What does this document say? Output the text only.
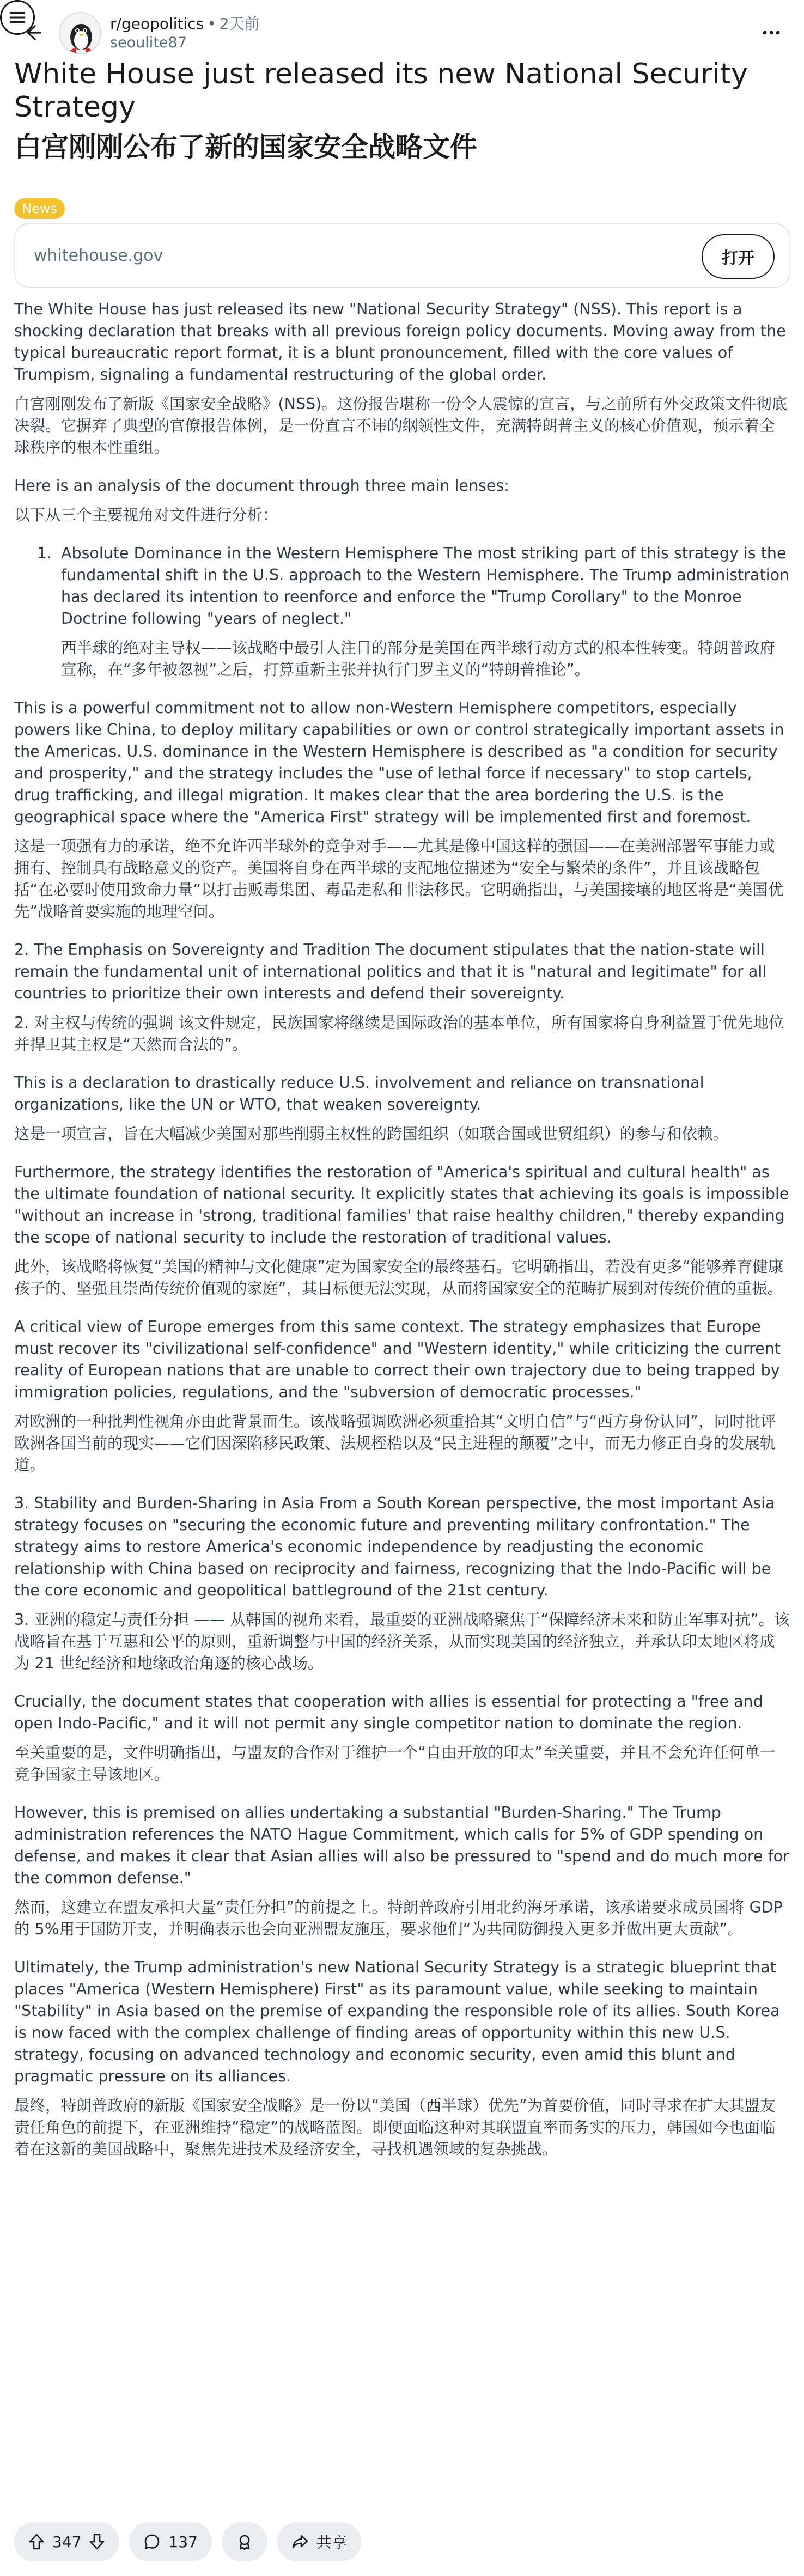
r/geopolitics • 2天前
seoulite87
White House just released its new National Security Strategy
白宫刚刚公布了新的国家安全战略文件
News
whitehouse.gov	打开

The White House has just released its new "National Security Strategy" (NSS). This report is a shocking declaration that breaks with all previous foreign policy documents. Moving away from the typical bureaucratic report format, it is a blunt pronouncement, filled with the core values of Trumpism, signaling a fundamental restructuring of the global order.

白宫刚刚发布了新版《国家安全战略》(NSS)。这份报告堪称一份令人震惊的宣言，与之前所有外交政策文件彻底决裂。它摒弃了典型的官僚报告体例，是一份直言不讳的纲领性文件，充满特朗普主义的核心价值观，预示着全球秩序的根本性重组。

Here is an analysis of the document through three main lenses:

以下从三个主要视角对文件进行分析：

1. Absolute Dominance in the Western Hemisphere The most striking part of this strategy is the fundamental shift in the U.S. approach to the Western Hemisphere. The Trump administration has declared its intention to reenforce and enforce the "Trump Corollary" to the Monroe Doctrine following "years of neglect."

西半球的绝对主导权——该战略中最引人注目的部分是美国在西半球行动方式的根本性转变。特朗普政府宣称，在“多年被忽视”之后，打算重新主张并执行门罗主义的“特朗普推论”。

This is a powerful commitment not to allow non-Western Hemisphere competitors, especially powers like China, to deploy military capabilities or own or control strategically important assets in the Americas. U.S. dominance in the Western Hemisphere is described as "a condition for security and prosperity," and the strategy includes the "use of lethal force if necessary" to stop cartels, drug trafficking, and illegal migration. It makes clear that the area bordering the U.S. is the geographical space where the "America First" strategy will be implemented first and foremost.

这是一项强有力的承诺，绝不允许西半球外的竞争对手——尤其是像中国这样的强国——在美洲部署军事能力或拥有、控制具有战略意义的资产。美国将自身在西半球的支配地位描述为“安全与繁荣的条件”，并且该战略包括“在必要时使用致命力量”以打击贩毒集团、毒品走私和非法移民。它明确指出，与美国接壤的地区将是“美国优先”战略首要实施的地理空间。

2. The Emphasis on Sovereignty and Tradition The document stipulates that the nation-state will remain the fundamental unit of international politics and that it is "natural and legitimate" for all countries to prioritize their own interests and defend their sovereignty.

2. 对主权与传统的强调 该文件规定，民族国家将继续是国际政治的基本单位，所有国家将自身利益置于优先地位并捍卫其主权是“天然而合法的”。

This is a declaration to drastically reduce U.S. involvement and reliance on transnational organizations, like the UN or WTO, that weaken sovereignty.

这是一项宣言，旨在大幅减少美国对那些削弱主权性的跨国组织（如联合国或世贸组织）的参与和依赖。

Furthermore, the strategy identifies the restoration of "America's spiritual and cultural health" as the ultimate foundation of national security. It explicitly states that achieving its goals is impossible "without an increase in 'strong, traditional families' that raise healthy children," thereby expanding the scope of national security to include the restoration of traditional values.

此外，该战略将恢复“美国的精神与文化健康”定为国家安全的最终基石。它明确指出，若没有更多“能够养育健康孩子的、坚强且崇尚传统价值观的家庭”，其目标便无法实现，从而将国家安全的范畴扩展到对传统价值的重振。

A critical view of Europe emerges from this same context. The strategy emphasizes that Europe must recover its "civilizational self-confidence" and "Western identity," while criticizing the current reality of European nations that are unable to correct their own trajectory due to being trapped by immigration policies, regulations, and the "subversion of democratic processes."

对欧洲的一种批判性视角亦由此背景而生。该战略强调欧洲必须重拾其“文明自信”与“西方身份认同”，同时批评欧洲各国当前的现实——它们因深陷移民政策、法规桎梏以及“民主进程的颠覆”之中，而无力修正自身的发展轨道。

3. Stability and Burden-Sharing in Asia From a South Korean perspective, the most important Asia strategy focuses on "securing the economic future and preventing military confrontation." The strategy aims to restore America's economic independence by readjusting the economic relationship with China based on reciprocity and fairness, recognizing that the Indo-Pacific will be the core economic and geopolitical battleground of the 21st century.

3. 亚洲的稳定与责任分担 —— 从韩国的视角来看，最重要的亚洲战略聚焦于“保障经济未来和防止军事对抗”。该战略旨在基于互惠和公平的原则，重新调整与中国的经济关系，从而实现美国的经济独立，并承认印太地区将成为 21 世纪经济和地缘政治角逐的核心战场。

Crucially, the document states that cooperation with allies is essential for protecting a "free and open Indo-Pacific," and it will not permit any single competitor nation to dominate the region.

至关重要的是，文件明确指出，与盟友的合作对于维护一个“自由开放的印太”至关重要，并且不会允许任何单一竞争国家主导该地区。

However, this is premised on allies undertaking a substantial "Burden-Sharing." The Trump administration references the NATO Hague Commitment, which calls for 5% of GDP spending on defense, and makes it clear that Asian allies will also be pressured to "spend and do much more for the common defense."

然而，这建立在盟友承担大量“责任分担”的前提之上。特朗普政府引用北约海牙承诺，该承诺要求成员国将 GDP 的 5%用于国防开支，并明确表示也会向亚洲盟友施压，要求他们“为共同防御投入更多并做出更大贡献”。

Ultimately, the Trump administration's new National Security Strategy is a strategic blueprint that places "America (Western Hemisphere) First" as its paramount value, while seeking to maintain "Stability" in Asia based on the premise of expanding the responsible role of its allies. South Korea is now faced with the complex challenge of finding areas of opportunity within this new U.S. strategy, focusing on advanced technology and economic security, even amid this blunt and pragmatic pressure on its alliances.

最终，特朗普政府的新版《国家安全战略》是一份以“美国（西半球）优先”为首要价值，同时寻求在扩大其盟友责任角色的前提下，在亚洲维持“稳定”的战略蓝图。即便面临这种对其联盟直率而务实的压力，韩国如今也面临着在这新的美国战略中，聚焦先进技术及经济安全，寻找机遇领域的复杂挑战。

347	137	共享
